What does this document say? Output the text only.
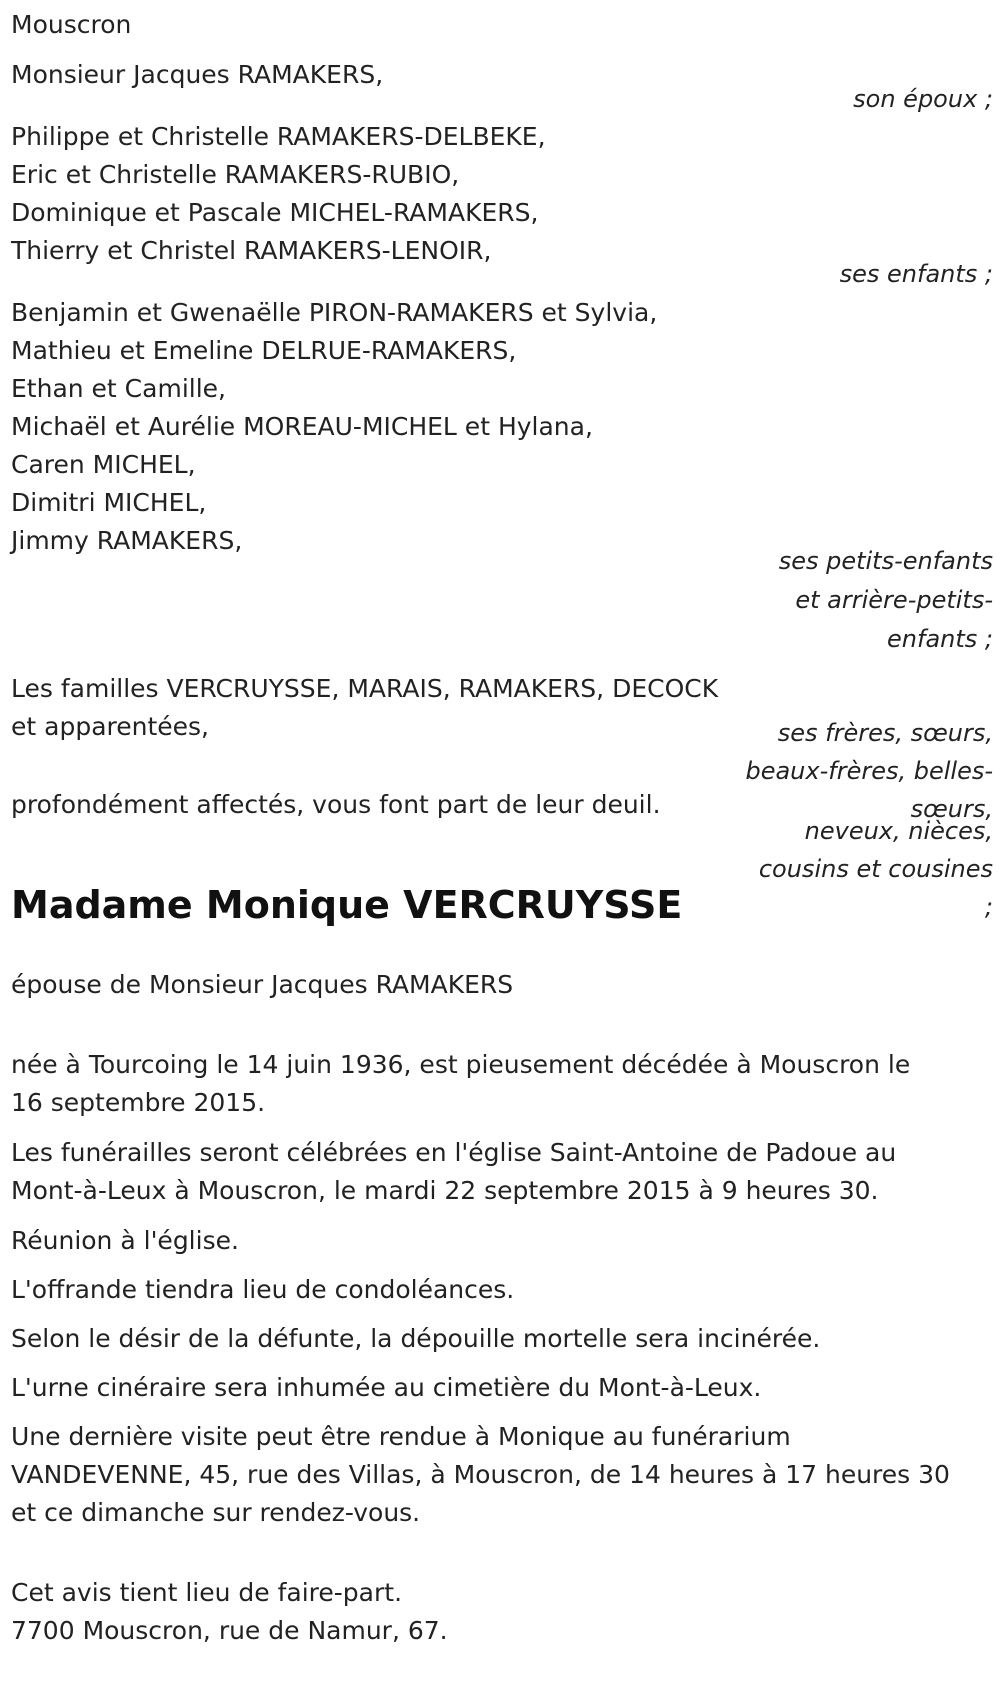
Mouscron
Monsieur Jacques RAMAKERS,
son époux ;
Philippe et Christelle RAMAKERS-DELBEKE,
Eric et Christelle RAMAKERS-RUBIO,
Dominique et Pascale MICHEL-RAMAKERS,
Thierry et Christel RAMAKERS-LENOIR,
ses enfants ;
Benjamin et Gwenaëlle PIRON-RAMAKERS et Sylvia,
Mathieu et Emeline DELRUE-RAMAKERS,
Ethan et Camille,
Michaël et Aurélie MOREAU-MICHEL et Hylana,
Caren MICHEL,
Dimitri MICHEL,
Jimmy RAMAKERS,
ses petits-enfants
et arrière-petits-
enfants ;
Les familles VERCRUYSSE, MARAIS, RAMAKERS, DECOCK
et apparentées,	ses frères, sœurs,
beaux-frères, belles-
sœurs,
profondément affectés, vous font part de leur deuil.
neveux, nièces,
cousins et cousines
;
Madame Monique VERCRUYSSE
épouse de Monsieur Jacques RAMAKERS
née à Tourcoing le 14 juin 1936, est pieusement décédée à Mouscron le
16 septembre 2015.
Les funérailles seront célébrées en l'église Saint-Antoine de Padoue au
Mont-à-Leux à Mouscron, le mardi 22 septembre 2015 à 9 heures 30.
Réunion à l'église.
L'offrande tiendra lieu de condoléances.
Selon le désir de la défunte, la dépouille mortelle sera incinérée.
L'urne cinéraire sera inhumée au cimetière du Mont-à-Leux.
Une dernière visite peut être rendue à Monique au funérarium
VANDEVENNE, 45, rue des Villas, à Mouscron, de 14 heures à 17 heures 30
et ce dimanche sur rendez-vous.
Cet avis tient lieu de faire-part.
7700 Mouscron, rue de Namur, 67.
